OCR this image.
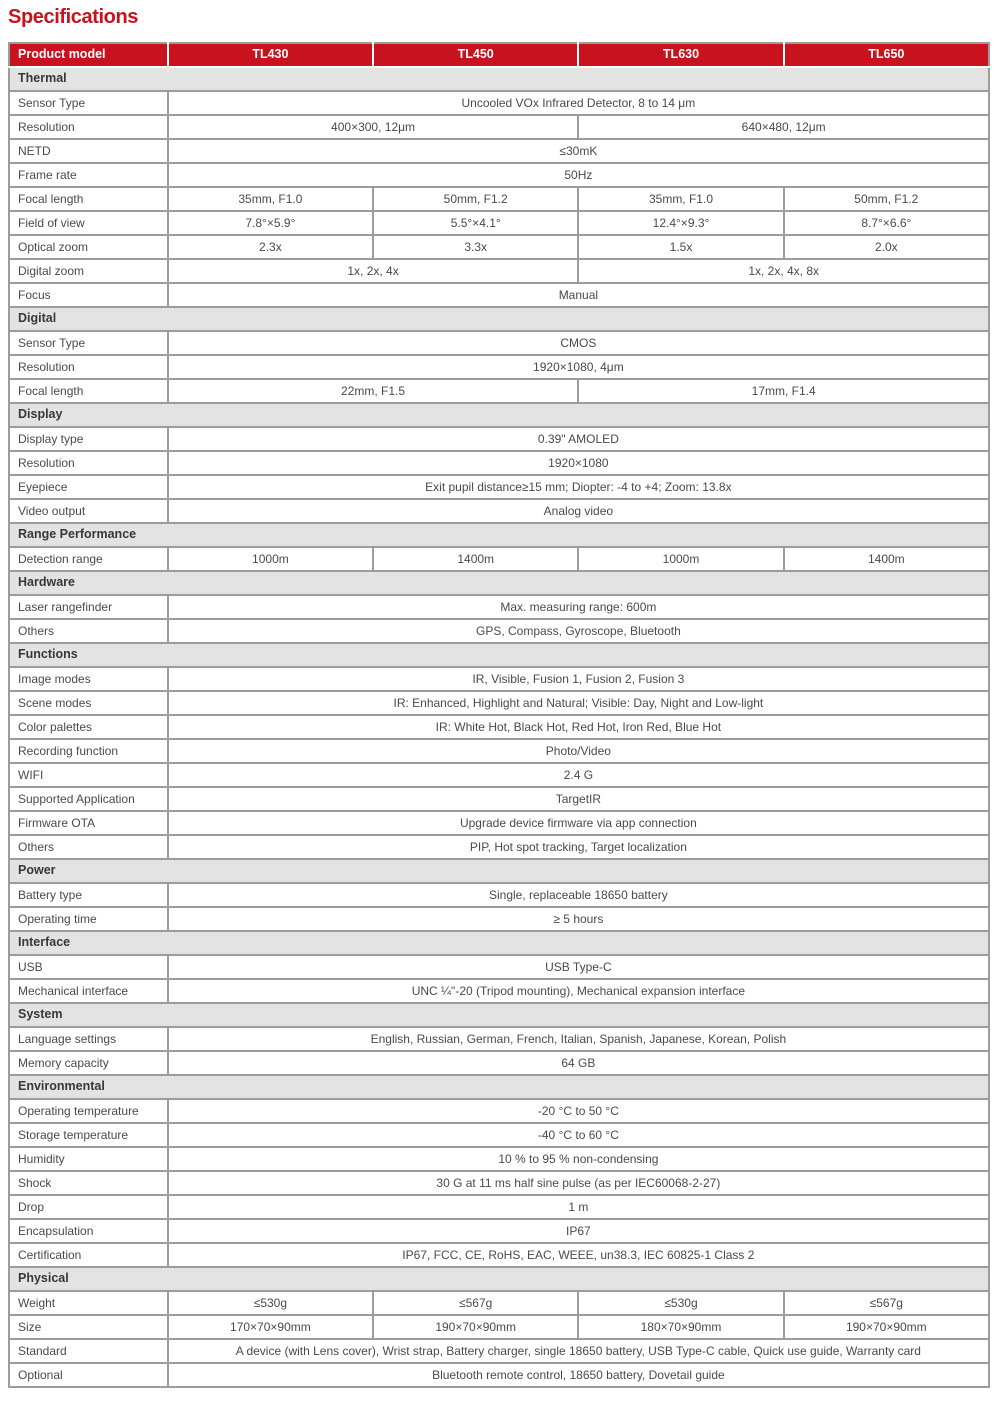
Specifications
Product model	TL430	TL450	TL630	TL650
Thermal				
Sensor Type	Uncooled VOx Infrared Detector, 8 to 14 μm			
Resolution	400×300, 12μm		640×480, 12μm	
NETD	≤30mK			
Frame rate	50Hz			
Focal length	35mm, F1.0	50mm, F1.2	35mm, F1.0	50mm, F1.2
Field of view	7.8°×5.9°	5.5°×4.1°	12.4°×9.3°	8.7°×6.6°
Optical zoom	2.3x	3.3x	1.5x	2.0x
Digital zoom	1x, 2x, 4x		1x, 2x, 4x, 8x	
Focus	Manual			
Digital				
Sensor Type	CMOS			
Resolution	1920×1080, 4μm			
Focal length	22mm, F1.5		17mm, F1.4	
Display				
Display type	0.39" AMOLED			
Resolution	1920×1080			
Eyepiece	Exit pupil distance≥15 mm; Diopter: -4 to +4; Zoom: 13.8x			
Video output	Analog video			
Range Performance				
Detection range	1000m	1400m	1000m	1400m
Hardware				
Laser rangefinder	Max. measuring range: 600m			
Others	GPS, Compass, Gyroscope, Bluetooth			
Functions				
Image modes	IR, Visible, Fusion 1, Fusion 2, Fusion 3			
Scene modes	IR: Enhanced, Highlight and Natural; Visible: Day, Night and Low-light			
Color palettes	IR: White Hot, Black Hot, Red Hot, Iron Red, Blue Hot			
Recording function	Photo/Video			
WIFI	2.4 G			
Supported Application	TargetIR			
Firmware OTA	Upgrade device firmware via app connection			
Others	PIP, Hot spot tracking, Target localization			
Power				
Battery type	Single, replaceable 18650 battery			
Operating time	≥ 5 hours			
Interface				
USB	USB Type-C			
Mechanical interface	UNC ¼"-20 (Tripod mounting), Mechanical expansion interface			
System				
Language settings	English, Russian, German, French, Italian, Spanish, Japanese, Korean, Polish			
Memory capacity	64 GB			
Environmental				
Operating temperature	-20 °C to 50 °C			
Storage temperature	-40 °C to 60 °C			
Humidity	10 % to 95 % non-condensing			
Shock	30 G at 11 ms half sine pulse (as per IEC60068-2-27)			
Drop	1 m			
Encapsulation	IP67			
Certification	IP67, FCC, CE, RoHS, EAC, WEEE, un38.3, IEC 60825-1 Class 2			
Physical				
Weight	≤530g	≤567g	≤530g	≤567g
Size	170×70×90mm	190×70×90mm	180×70×90mm	190×70×90mm
Standard	A device (with Lens cover), Wrist strap, Battery charger, single 18650 battery, USB Type-C cable, Quick use guide, Warranty card			
Optional	Bluetooth remote control, 18650 battery, Dovetail guide			
